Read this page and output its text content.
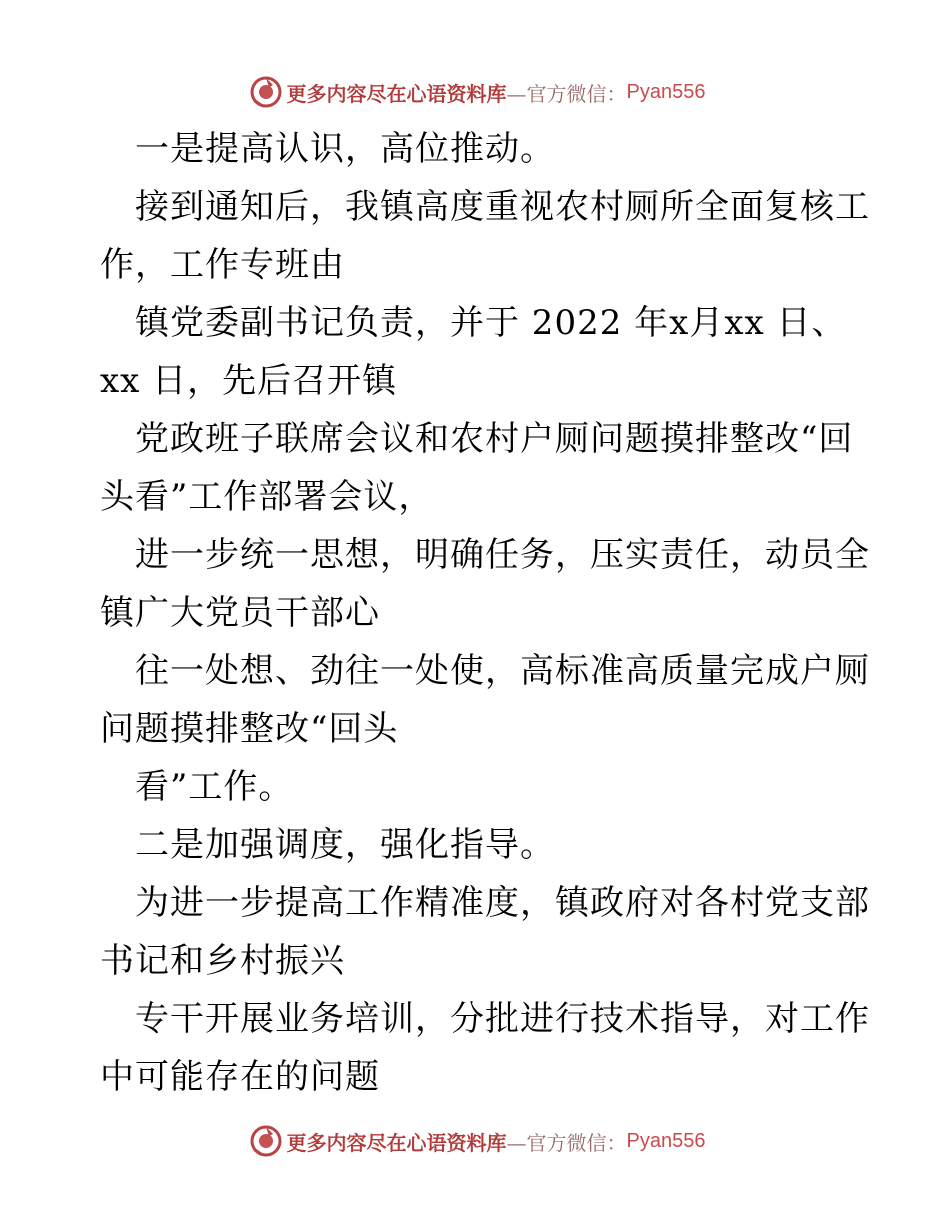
更多内容尽在心语资料库 —官方微信： Pyan556
一是提高认识，高位推动。
接到通知后，我镇高度重视农村厕所全面复核工
作，工作专班由
镇党委副书记负责，并于 2022 年x月xx 日、
xx 日，先后召开镇
党政班子联席会议和农村户厕问题摸排整改“回
头看”工作部署会议，
进一步统一思想，明确任务，压实责任，动员全
镇广大党员干部心
往一处想、劲往一处使，高标准高质量完成户厕
问题摸排整改“回头
看”工作。
二是加强调度，强化指导。
为进一步提高工作精准度，镇政府对各村党支部
书记和乡村振兴
专干开展业务培训，分批进行技术指导，对工作
中可能存在的问题
更多内容尽在心语资料库 —官方微信： Pyan556
